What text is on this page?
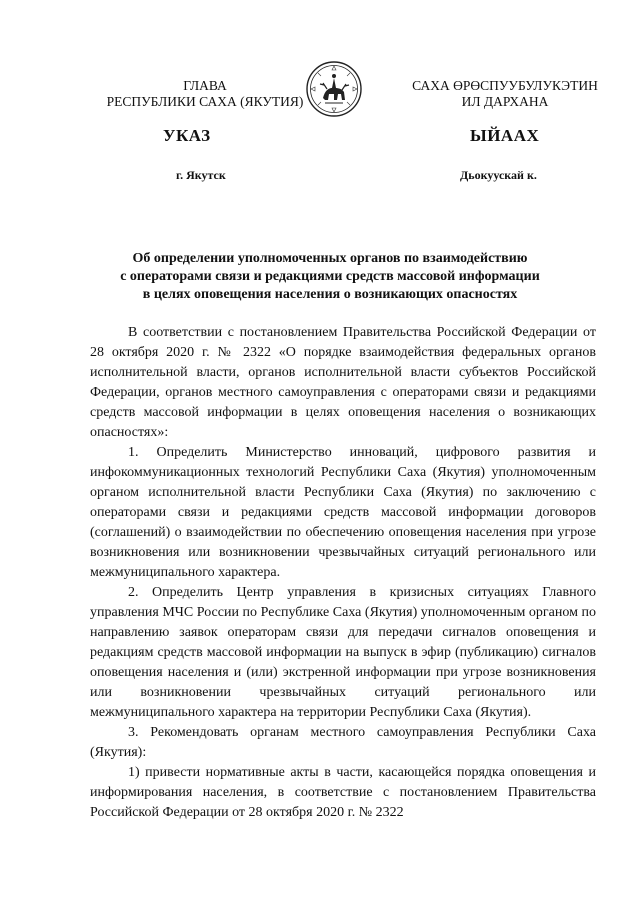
ГЛАВА
РЕСПУБЛИКИ САХА (ЯКУТИЯ)
САХА ӨРӨСПУУБУЛУКЭТИН
ИЛ ДАРХАНА
УКАЗ	ЫЙААХ
г. Якутск	Дьокуускай к.
Об определении уполномоченных органов по взаимодействию
с операторами связи и редакциями средств массовой информации
в целях оповещения населения о возникающих опасностях

В соответствии с постановлением Правительства Российской Федерации от 28 октября 2020 г. № 2322 «О порядке взаимодействия федеральных органов исполнительной власти, органов исполнительной власти субъектов Российской Федерации, органов местного самоуправления с операторами связи и редакциями средств массовой информации в целях оповещения населения о возникающих опасностях»:

1. Определить Министерство инноваций, цифрового развития и инфокоммуникационных технологий Республики Саха (Якутия) уполномоченным органом исполнительной власти Республики Саха (Якутия) по заключению с операторами связи и редакциями средств массовой информации договоров (соглашений) о взаимодействии по обеспечению оповещения населения при угрозе возникновения или возникновении чрезвычайных ситуаций регионального или межмуниципального характера.

2. Определить Центр управления в кризисных ситуациях Главного управления МЧС России по Республике Саха (Якутия) уполномоченным органом по направлению заявок операторам связи для передачи сигналов оповещения и редакциям средств массовой информации на выпуск в эфир (публикацию) сигналов оповещения населения и (или) экстренной информации при угрозе возникновения или возникновении чрезвычайных ситуаций регионального или межмуниципального характера на территории Республики Саха (Якутия).

3. Рекомендовать органам местного самоуправления Республики Саха (Якутия):

1) привести нормативные акты в части, касающейся порядка оповещения и информирования населения, в соответствие с постановлением Правительства Российской Федерации от 28 октября 2020 г. № 2322
